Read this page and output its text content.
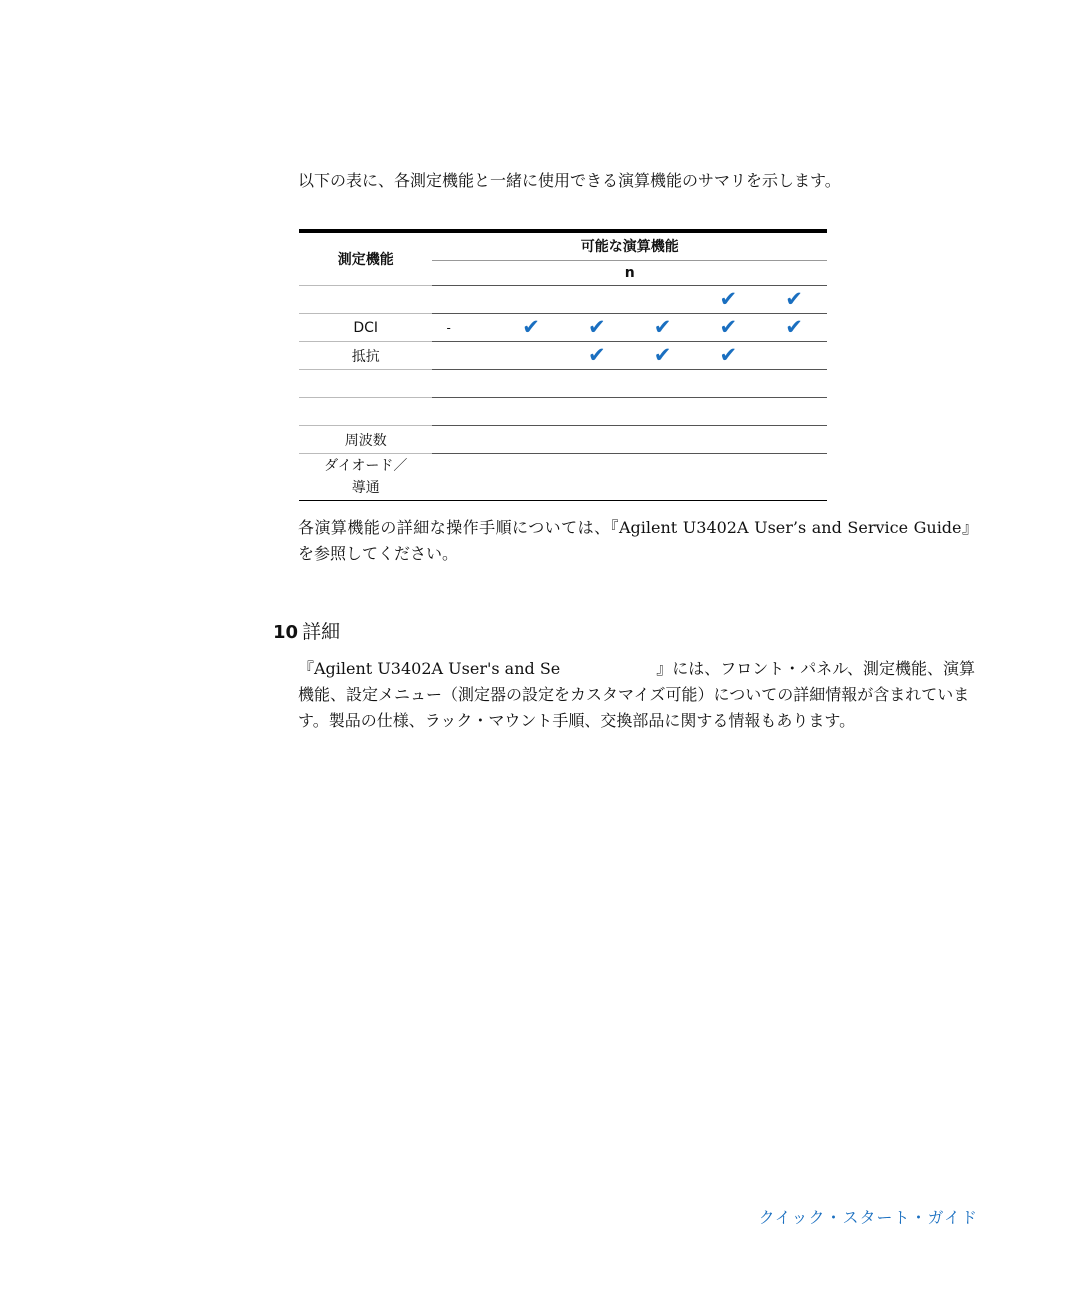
以下の表に、各測定機能と一緒に使用できる演算機能のサマリを示します。

測定機能	可能な演算機能					
	n					
					✔	✔
DCI	-	✔	✔	✔	✔	✔
抵抗			✔	✔	✔	

周波数						
ダイオード／
導通						

各演算機能の詳細な操作手順については、『Agilent U3402A User’s and Service Guide』を参照してください。

10 詳細

『Agilent U3402A User's and Se	』には、フロント・パネル、測定機能、演算機能、設定メニュー（測定器の設定をカスタマイズ可能）についての詳細情報が含まれています。製品の仕様、ラック・マウント手順、交換部品に関する情報もあります。

クイック・スタート・ガイド
